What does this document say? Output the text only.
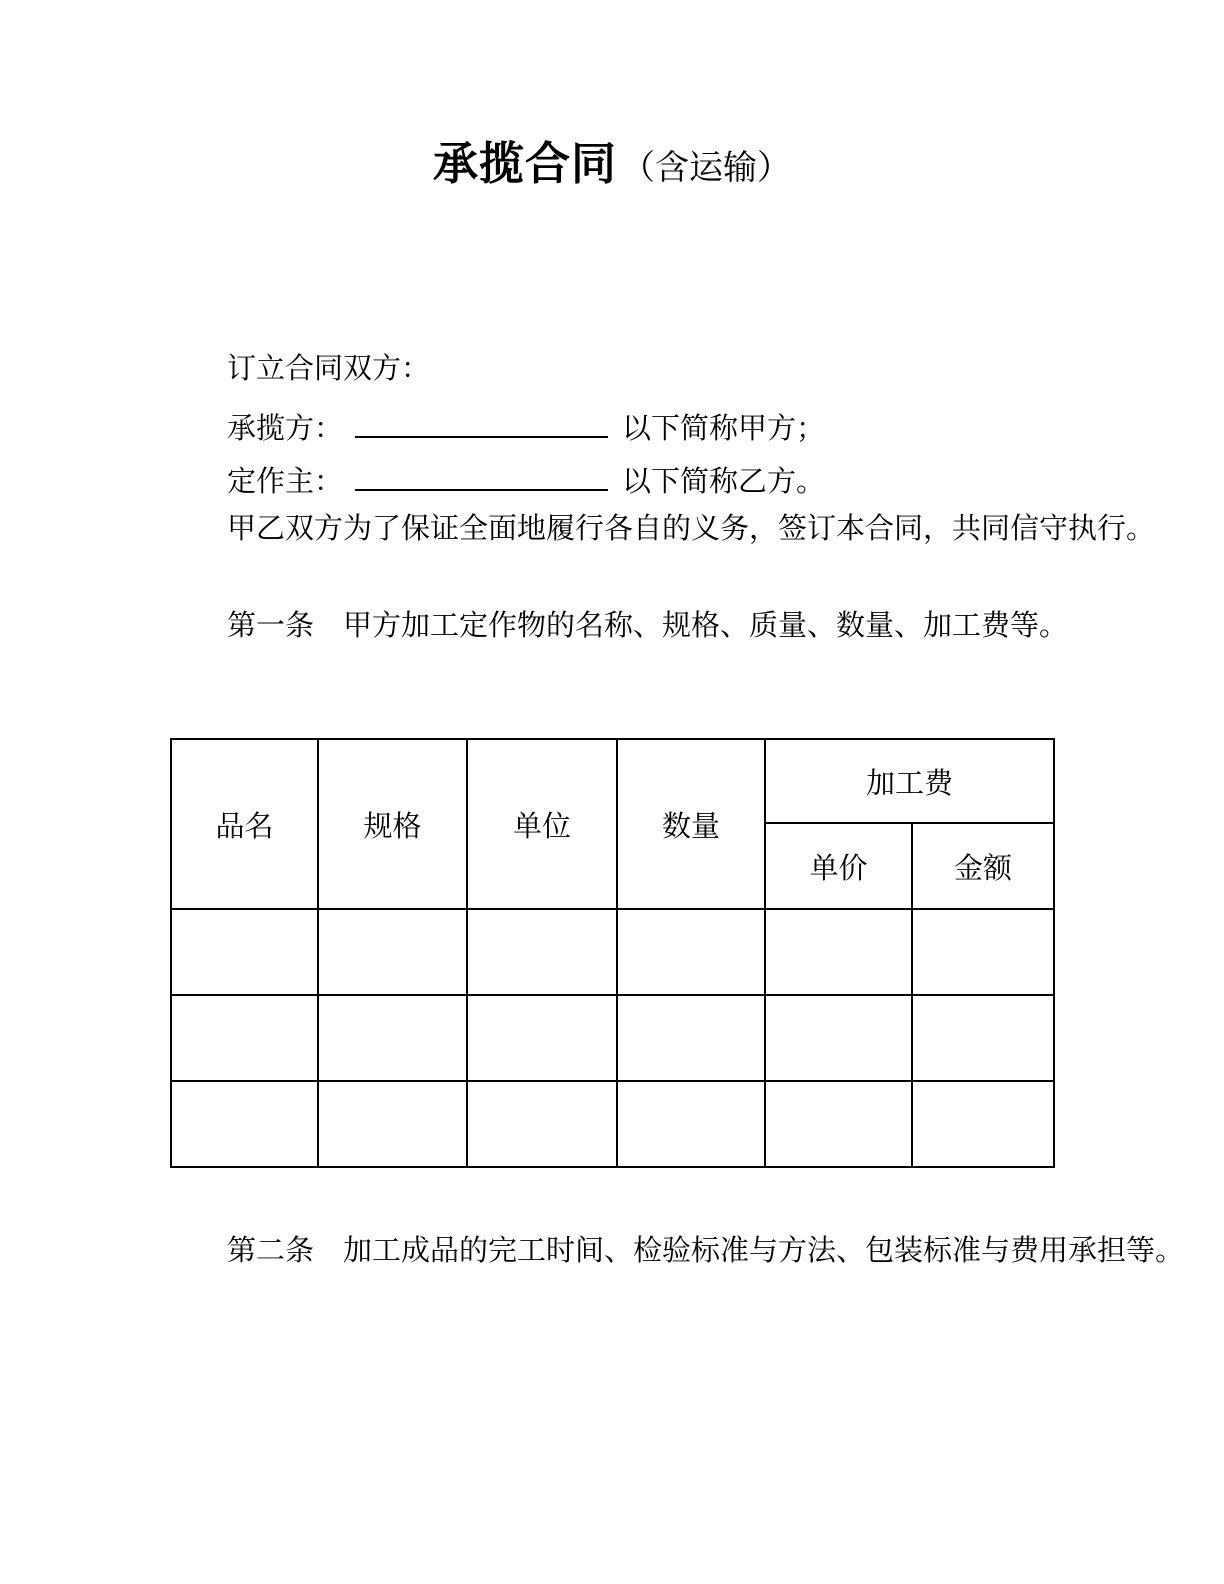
承揽合同 （含运输）

订立合同双方：

承揽方：	以下简称甲方；

定作主：	以下简称乙方。

甲乙双方为了保证全面地履行各自的义务，签订本合同，共同信守执行。

第一条　甲方加工定作物的名称、规格、质量、数量、加工费等。

品名	规格	单位	数量	加工费	
				单价	金额

第二条　加工成品的完工时间、检验标准与方法、包装标准与费用承担等。
